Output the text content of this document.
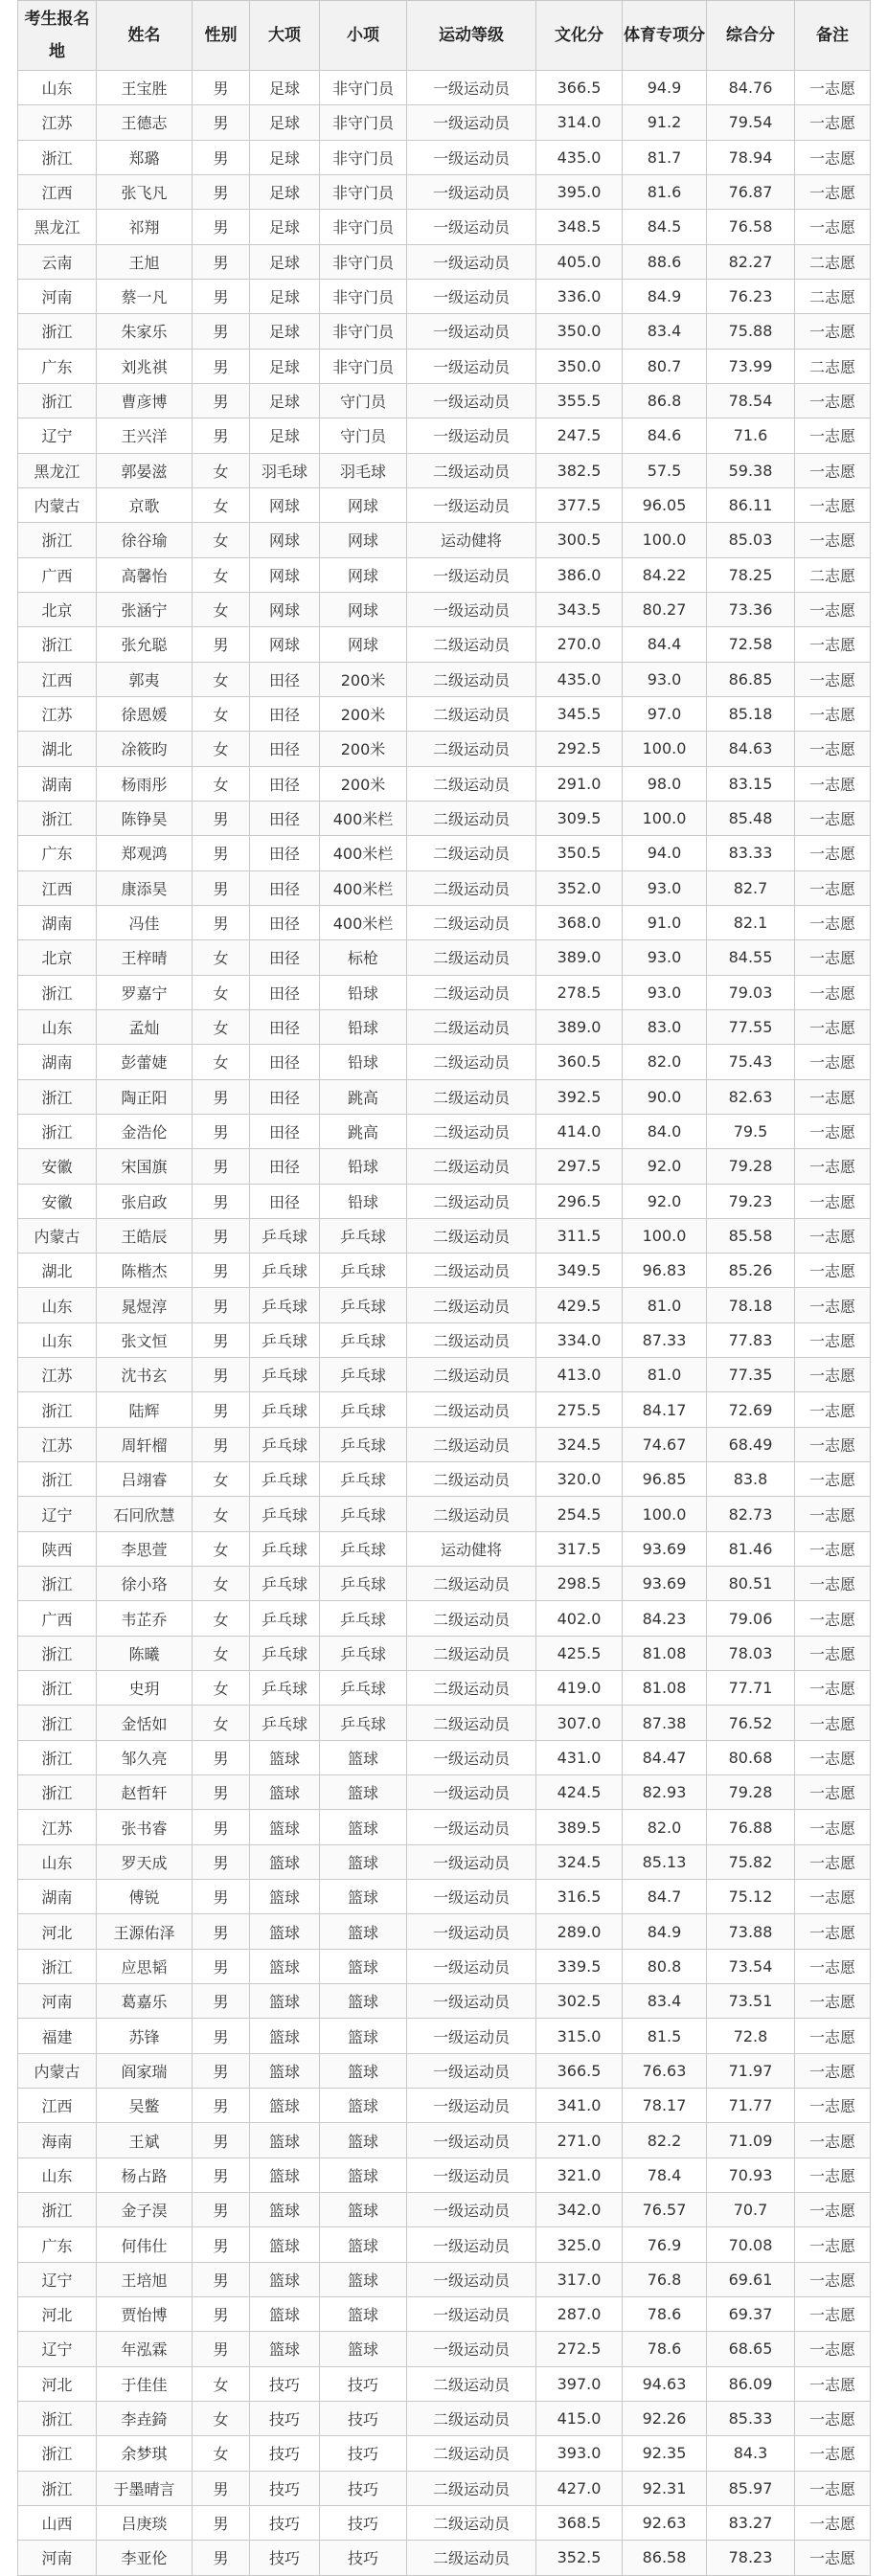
考生报名地	姓名	性别	大项	小项	运动等级	文化分	体育专项分	综合分	备注
山东	王宝胜	男	足球	非守门员	一级运动员	366.5	94.9	84.76	一志愿
江苏	王德志	男	足球	非守门员	一级运动员	314.0	91.2	79.54	一志愿
浙江	郑璐	男	足球	非守门员	一级运动员	435.0	81.7	78.94	一志愿
江西	张飞凡	男	足球	非守门员	一级运动员	395.0	81.6	76.87	一志愿
黑龙江	祁翔	男	足球	非守门员	一级运动员	348.5	84.5	76.58	一志愿
云南	王旭	男	足球	非守门员	一级运动员	405.0	88.6	82.27	二志愿
河南	蔡一凡	男	足球	非守门员	一级运动员	336.0	84.9	76.23	二志愿
浙江	朱家乐	男	足球	非守门员	一级运动员	350.0	83.4	75.88	一志愿
广东	刘兆祺	男	足球	非守门员	一级运动员	350.0	80.7	73.99	二志愿
浙江	曹彦博	男	足球	守门员	一级运动员	355.5	86.8	78.54	一志愿
辽宁	王兴洋	男	足球	守门员	一级运动员	247.5	84.6	71.6	一志愿
黑龙江	郭晏滋	女	羽毛球	羽毛球	二级运动员	382.5	57.5	59.38	一志愿
内蒙古	京歌	女	网球	网球	一级运动员	377.5	96.05	86.11	一志愿
浙江	徐谷瑜	女	网球	网球	运动健将	300.5	100.0	85.03	一志愿
广西	高馨怡	女	网球	网球	一级运动员	386.0	84.22	78.25	二志愿
北京	张涵宁	女	网球	网球	一级运动员	343.5	80.27	73.36	一志愿
浙江	张允聪	男	网球	网球	二级运动员	270.0	84.4	72.58	一志愿
江西	郭夷	女	田径	200米	二级运动员	435.0	93.0	86.85	一志愿
江苏	徐恩媛	女	田径	200米	二级运动员	345.5	97.0	85.18	一志愿
湖北	凃筱昀	女	田径	200米	二级运动员	292.5	100.0	84.63	一志愿
湖南	杨雨彤	女	田径	200米	二级运动员	291.0	98.0	83.15	一志愿
浙江	陈铮昊	男	田径	400米栏	二级运动员	309.5	100.0	85.48	一志愿
广东	郑观鸿	男	田径	400米栏	二级运动员	350.5	94.0	83.33	一志愿
江西	康添昊	男	田径	400米栏	二级运动员	352.0	93.0	82.7	一志愿
湖南	冯佳	男	田径	400米栏	二级运动员	368.0	91.0	82.1	一志愿
北京	王梓晴	女	田径	标枪	二级运动员	389.0	93.0	84.55	一志愿
浙江	罗嘉宁	女	田径	铅球	二级运动员	278.5	93.0	79.03	一志愿
山东	孟灿	女	田径	铅球	二级运动员	389.0	83.0	77.55	一志愿
湖南	彭蕾婕	女	田径	铅球	二级运动员	360.5	82.0	75.43	一志愿
浙江	陶正阳	男	田径	跳高	二级运动员	392.5	90.0	82.63	一志愿
浙江	金浩伦	男	田径	跳高	二级运动员	414.0	84.0	79.5	一志愿
安徽	宋国旗	男	田径	铅球	二级运动员	297.5	92.0	79.28	一志愿
安徽	张启政	男	田径	铅球	二级运动员	296.5	92.0	79.23	一志愿
内蒙古	王皓辰	男	乒乓球	乒乓球	二级运动员	311.5	100.0	85.58	一志愿
湖北	陈楷杰	男	乒乓球	乒乓球	二级运动员	349.5	96.83	85.26	一志愿
山东	晁煜淳	男	乒乓球	乒乓球	二级运动员	429.5	81.0	78.18	一志愿
山东	张文恒	男	乒乓球	乒乓球	二级运动员	334.0	87.33	77.83	一志愿
江苏	沈书玄	男	乒乓球	乒乓球	二级运动员	413.0	81.0	77.35	一志愿
浙江	陆辉	男	乒乓球	乒乓球	二级运动员	275.5	84.17	72.69	一志愿
江苏	周轩榴	男	乒乓球	乒乓球	二级运动员	324.5	74.67	68.49	一志愿
浙江	吕翊睿	女	乒乓球	乒乓球	二级运动员	320.0	96.85	83.8	一志愿
辽宁	石冋欣慧	女	乒乓球	乒乓球	二级运动员	254.5	100.0	82.73	一志愿
陕西	李思萱	女	乒乓球	乒乓球	运动健将	317.5	93.69	81.46	一志愿
浙江	徐小珞	女	乒乓球	乒乓球	二级运动员	298.5	93.69	80.51	一志愿
广西	韦芷乔	女	乒乓球	乒乓球	二级运动员	402.0	84.23	79.06	一志愿
浙江	陈曦	女	乒乓球	乒乓球	二级运动员	425.5	81.08	78.03	一志愿
浙江	史玥	女	乒乓球	乒乓球	二级运动员	419.0	81.08	77.71	一志愿
浙江	金恬如	女	乒乓球	乒乓球	二级运动员	307.0	87.38	76.52	一志愿
浙江	邹久亮	男	篮球	篮球	一级运动员	431.0	84.47	80.68	一志愿
浙江	赵哲轩	男	篮球	篮球	一级运动员	424.5	82.93	79.28	一志愿
江苏	张书睿	男	篮球	篮球	一级运动员	389.5	82.0	76.88	一志愿
山东	罗天成	男	篮球	篮球	一级运动员	324.5	85.13	75.82	一志愿
湖南	傅锐	男	篮球	篮球	一级运动员	316.5	84.7	75.12	一志愿
河北	王源佑泽	男	篮球	篮球	一级运动员	289.0	84.9	73.88	一志愿
浙江	应思韬	男	篮球	篮球	一级运动员	339.5	80.8	73.54	一志愿
河南	葛嘉乐	男	篮球	篮球	一级运动员	302.5	83.4	73.51	一志愿
福建	苏锋	男	篮球	篮球	一级运动员	315.0	81.5	72.8	一志愿
内蒙古	阎家瑞	男	篮球	篮球	一级运动员	366.5	76.63	71.97	一志愿
江西	吴鳖	男	篮球	篮球	一级运动员	341.0	78.17	71.77	一志愿
海南	王斌	男	篮球	篮球	一级运动员	271.0	82.2	71.09	一志愿
山东	杨占路	男	篮球	篮球	一级运动员	321.0	78.4	70.93	一志愿
浙江	金子淏	男	篮球	篮球	一级运动员	342.0	76.57	70.7	一志愿
广东	何伟仕	男	篮球	篮球	一级运动员	325.0	76.9	70.08	一志愿
辽宁	王培旭	男	篮球	篮球	一级运动员	317.0	76.8	69.61	一志愿
河北	贾怡博	男	篮球	篮球	一级运动员	287.0	78.6	69.37	一志愿
辽宁	年泓霖	男	篮球	篮球	一级运动员	272.5	78.6	68.65	一志愿
河北	于佳佳	女	技巧	技巧	二级运动员	397.0	94.63	86.09	一志愿
浙江	李垚錡	女	技巧	技巧	二级运动员	415.0	92.26	85.33	一志愿
浙江	余梦琪	女	技巧	技巧	二级运动员	393.0	92.35	84.3	一志愿
浙江	于墨晴言	男	技巧	技巧	二级运动员	427.0	92.31	85.97	一志愿
山西	吕庚琰	男	技巧	技巧	二级运动员	368.5	92.63	83.27	一志愿
河南	李亚伦	男	技巧	技巧	二级运动员	352.5	86.58	78.23	一志愿
